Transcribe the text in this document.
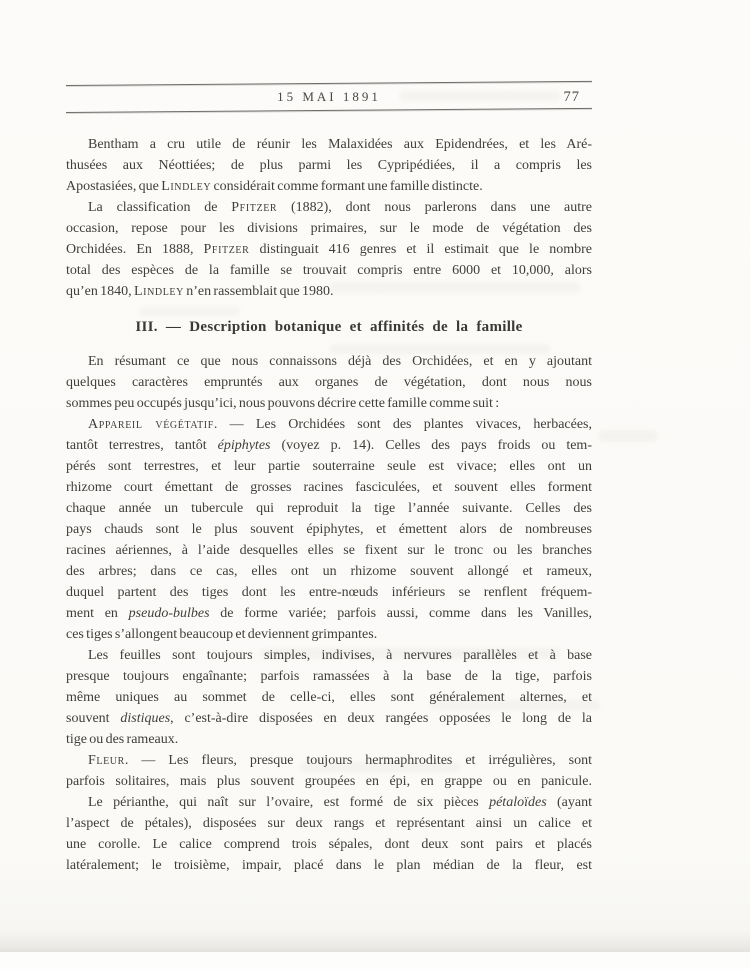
15 MAI 1891	77
Bentham a cru utile de réunir les Malaxidées aux Epidendrées, et les Aré-
thusées aux Néottiées; de plus parmi les Cypripédiées, il a compris les
Apostasiées, que Lindley considérait comme formant une famille distincte.
La classification de Pfitzer (1882), dont nous parlerons dans une autre
occasion, repose pour les divisions primaires, sur le mode de végétation des
Orchidées. En 1888, Pfitzer distinguait 416 genres et il estimait que le nombre
total des espèces de la famille se trouvait compris entre 6000 et 10,000, alors
qu’en 1840, Lindley n’en rassemblait que 1980.
III. — Description botanique et affinités de la famille
En résumant ce que nous connaissons déjà des Orchidées, et en y ajoutant
quelques caractères empruntés aux organes de végétation, dont nous nous
sommes peu occupés jusqu’ici, nous pouvons décrire cette famille comme suit :
Appareil végétatif. — Les Orchidées sont des plantes vivaces, herbacées,
tantôt terrestres, tantôt épiphytes (voyez p. 14). Celles des pays froids ou tem-
pérés sont terrestres, et leur partie souterraine seule est vivace; elles ont un
rhizome court émettant de grosses racines fasciculées, et souvent elles forment
chaque année un tubercule qui reproduit la tige l’année suivante. Celles des
pays chauds sont le plus souvent épiphytes, et émettent alors de nombreuses
racines aériennes, à l’aide desquelles elles se fixent sur le tronc ou les branches
des arbres; dans ce cas, elles ont un rhizome souvent allongé et rameux,
duquel partent des tiges dont les entre-nœuds inférieurs se renflent fréquem-
ment en pseudo-bulbes de forme variée; parfois aussi, comme dans les Vanilles,
ces tiges s’allongent beaucoup et deviennent grimpantes.
Les feuilles sont toujours simples, indivises, à nervures parallèles et à base
presque toujours engaînante; parfois ramassées à la base de la tige, parfois
même uniques au sommet de celle-ci, elles sont généralement alternes, et
souvent distiques, c’est-à-dire disposées en deux rangées opposées le long de la
tige ou des rameaux.
Fleur. — Les fleurs, presque toujours hermaphrodites et irrégulières, sont
parfois solitaires, mais plus souvent groupées en épi, en grappe ou en panicule.
Le périanthe, qui naît sur l’ovaire, est formé de six pièces pétaloïdes (ayant
l’aspect de pétales), disposées sur deux rangs et représentant ainsi un calice et
une corolle. Le calice comprend trois sépales, dont deux sont pairs et placés
latéralement; le troisième, impair, placé dans le plan médian de la fleur, est
